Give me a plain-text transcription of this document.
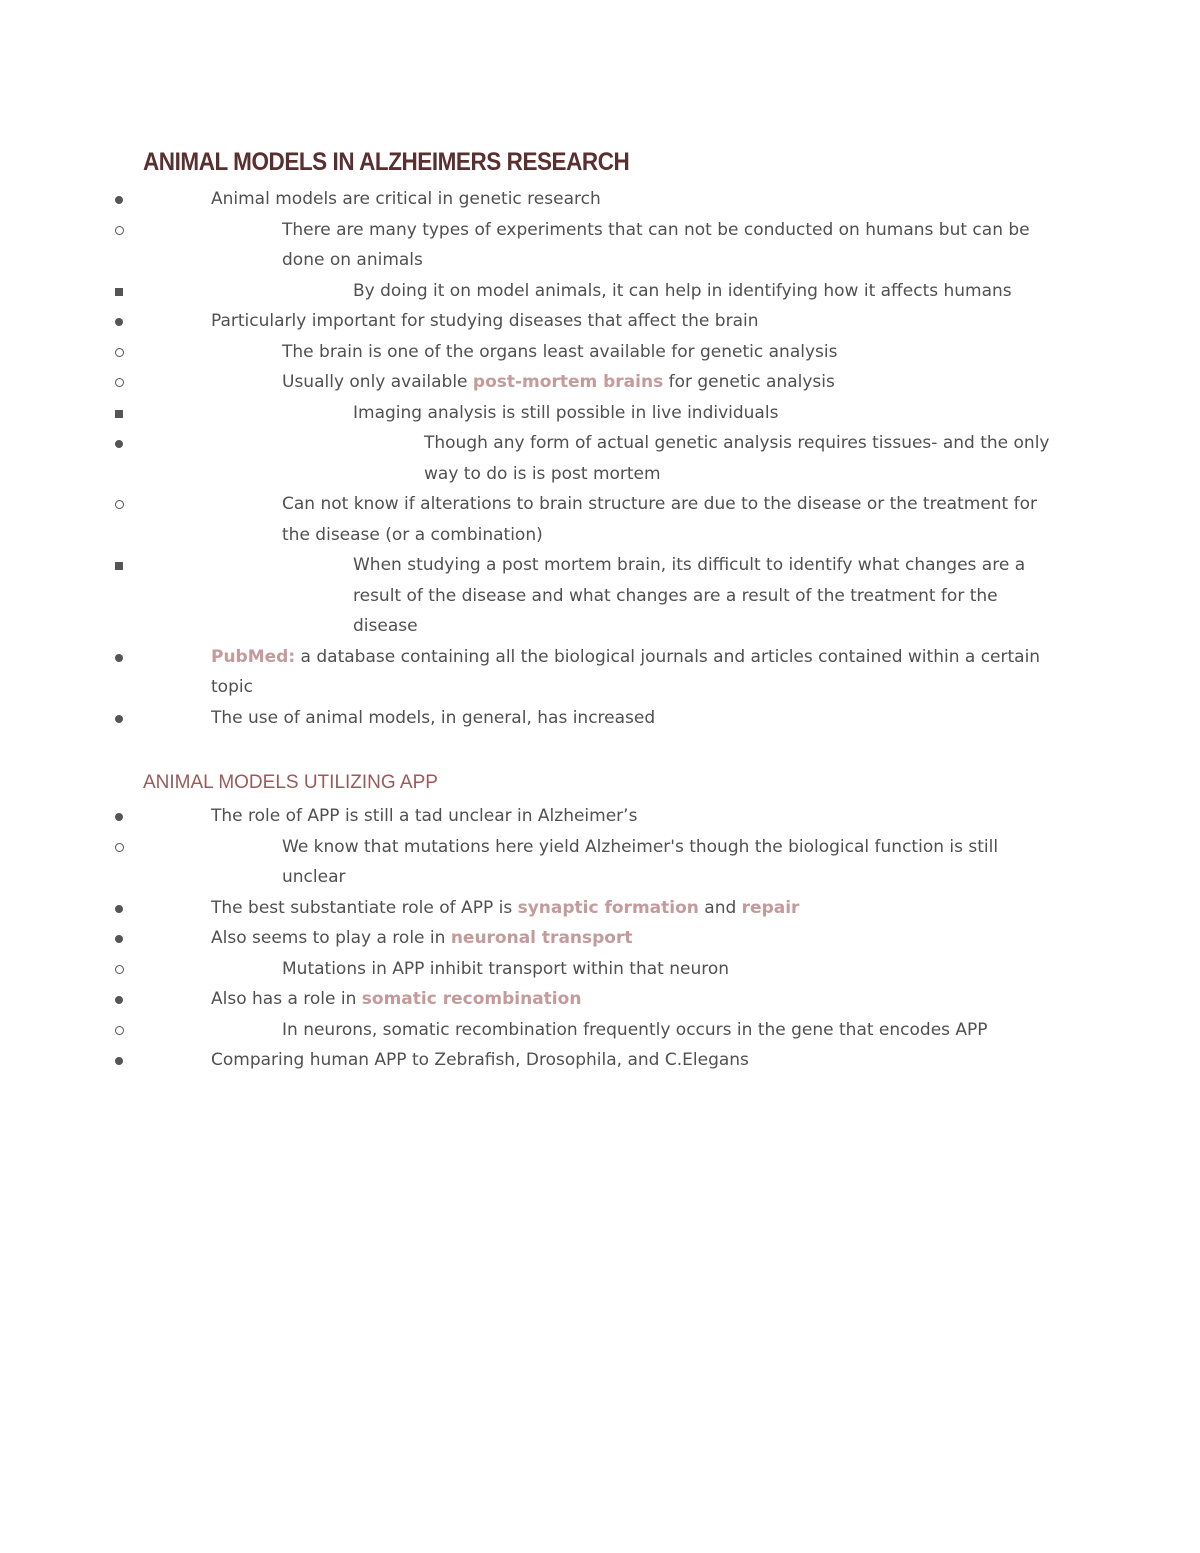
ANIMAL MODELS IN ALZHEIMERS RESEARCH
Animal models are critical in genetic research
There are many types of experiments that can not be conducted on humans but can be done on animals
By doing it on model animals, it can help in identifying how it affects humans
Particularly important for studying diseases that affect the brain
The brain is one of the organs least available for genetic analysis
Usually only available post-mortem brains for genetic analysis
Imaging analysis is still possible in live individuals
Though any form of actual genetic analysis requires tissues- and the only way to do is is post mortem
Can not know if alterations to brain structure are due to the disease or the treatment for the disease (or a combination)
When studying a post mortem brain, its difficult to identify what changes are a result of the disease and what changes are a result of the treatment for the disease
PubMed: a database containing all the biological journals and articles contained within a certain topic
The use of animal models, in general, has increased
ANIMAL MODELS UTILIZING APP
The role of APP is still a tad unclear in Alzheimer’s
We know that mutations here yield Alzheimer's though the biological function is still unclear
The best substantiate role of APP is synaptic formation and repair
Also seems to play a role in neuronal transport
Mutations in APP inhibit transport within that neuron
Also has a role in somatic recombination
In neurons, somatic recombination frequently occurs in the gene that encodes APP
Comparing human APP to Zebrafish, Drosophila, and C.Elegans
